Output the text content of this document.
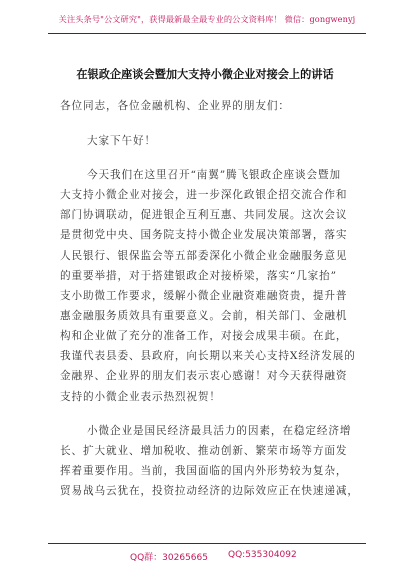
关注头条号"公文研究"，获得最新最全最专业的公文资料库！ 微信：gongwenyj
在银政企座谈会暨加大支持小微企业对接会上的讲话
各位同志，各位金融机构、企业界的朋友们：
大家下午好！
今天我们在这里召开“南翼”腾飞银政企座谈会暨加
大支持小微企业对接会，进一步深化政银企招交流合作和
部门协调联动，促进银企互利互惠、共同发展。这次会议
是贯彻党中央、国务院支持小微企业发展决策部署，落实
人民银行、银保监会等五部委深化小微企业金融服务意见
的重要举措，对于搭建银政企对接桥梁，落实“几家抬”
支小助微工作要求，缓解小微企业融资难融资贵，提升普
惠金融服务质效具有重要意义。会前，相关部门、金融机
构和企业做了充分的准备工作，对接会成果丰硕。在此，
我谨代表县委、县政府，向长期以来关心支持X经济发展的
金融界、企业界的朋友们表示衷心感谢！对今天获得融资
支持的小微企业表示热烈祝贺！
小微企业是国民经济最具活力的因素，在稳定经济增
长、扩大就业、增加税收、推动创新、繁荣市场等方面发
挥着重要作用。当前，我国面临的国内外形势较为复杂，
贸易战乌云犹在，投资拉动经济的边际效应正在快速递减，
QQ群：30265665 QQ:535304092
